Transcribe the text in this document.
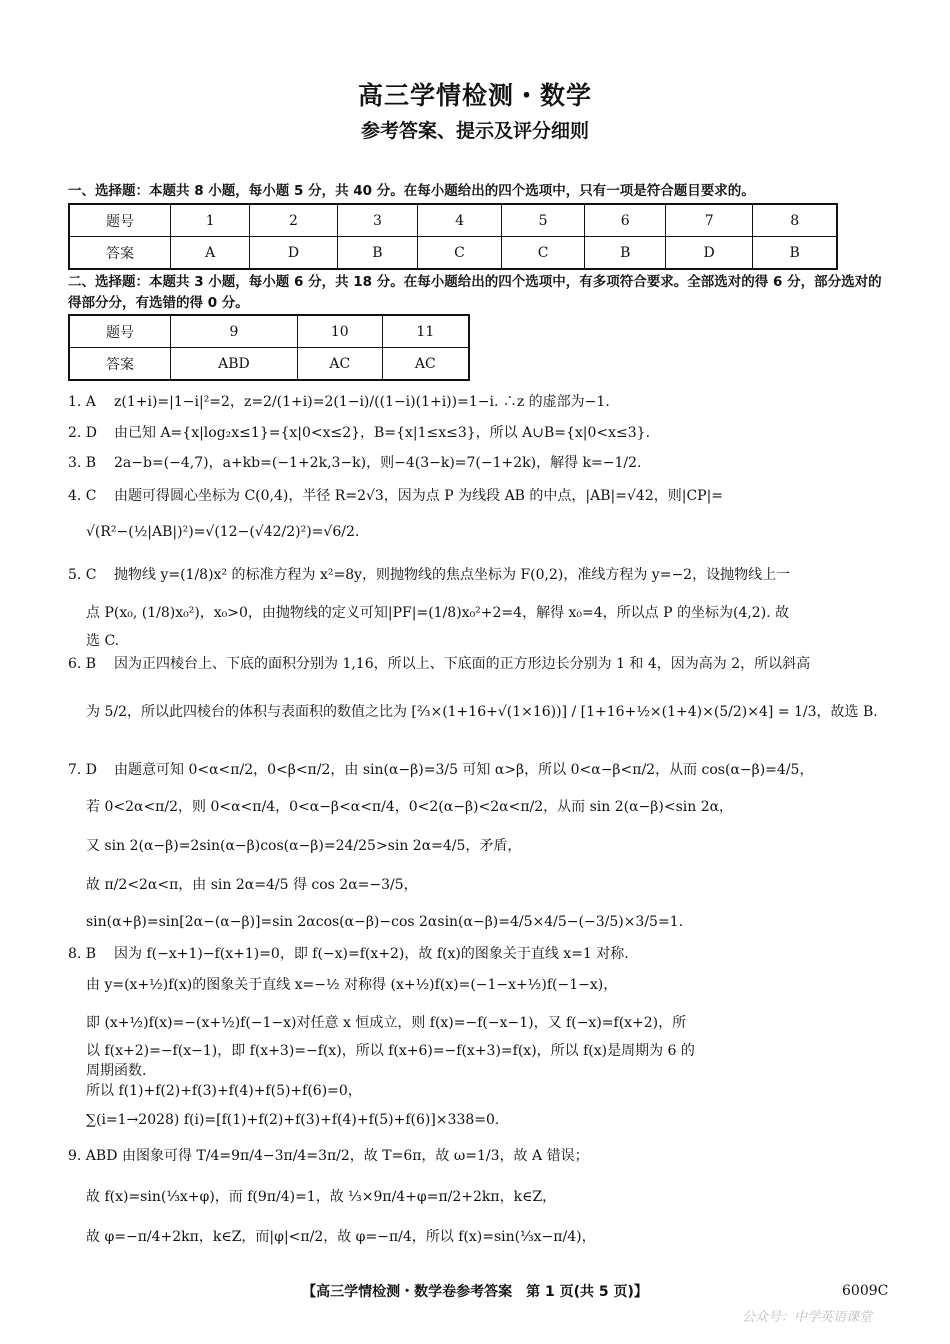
高三学情检测・数学
参考答案、提示及评分细则
一、选择题：本题共 8 小题，每小题 5 分，共 40 分。在每小题给出的四个选项中，只有一项是符合题目要求的。
题号	1	2	3	4	5	6	7	8
答案	A	D	B	C	C	B	D	B
二、选择题：本题共 3 小题，每小题 6 分，共 18 分。在每小题给出的四个选项中，有多项符合要求。全部选对的得 6 分，部分选对的得部分分，有选错的得 0 分。
题号	9	10	11
答案	ABD	AC	AC
1. A z(1+i)=|1−i|²=2，z=2/(1+i)=2(1−i)/((1−i)(1+i))=1−i. ∴z 的虚部为−1.
2. D 由已知 A={x|log₂x≤1}={x|0<x≤2}，B={x|1≤x≤3}，所以 A∪B={x|0<x≤3}.
3. B 2a−b=(−4,7)，a+kb=(−1+2k,3−k)，则−4(3−k)=7(−1+2k)，解得 k=−1/2.
4. C 由题可得圆心坐标为 C(0,4)，半径 R=2√3，因为点 P 为线段 AB 的中点，|AB|=√42，则|CP|=
√(R²−(½|AB|)²)=√(12−(√42/2)²)=√6/2.
5. C 抛物线 y=(1/8)x² 的标准方程为 x²=8y，则抛物线的焦点坐标为 F(0,2)，准线方程为 y=−2，设抛物线上一
点 P(x₀, (1/8)x₀²)，x₀>0，由抛物线的定义可知|PF|=(1/8)x₀²+2=4，解得 x₀=4，所以点 P 的坐标为(4,2). 故
选 C.
6. B 因为正四棱台上、下底的面积分别为 1,16，所以上、下底面的正方形边长分别为 1 和 4，因为高为 2，所以斜高
为 5/2，所以此四棱台的体积与表面积的数值之比为 [⅔×(1+16+√(1×16))] / [1+16+½×(1+4)×(5/2)×4] = 1/3，故选 B.
7. D 由题意可知 0<α<π/2，0<β<π/2，由 sin(α−β)=3/5 可知 α>β，所以 0<α−β<π/2，从而 cos(α−β)=4/5，
若 0<2α<π/2，则 0<α<π/4，0<α−β<α<π/4，0<2(α−β)<2α<π/2，从而 sin 2(α−β)<sin 2α，
又 sin 2(α−β)=2sin(α−β)cos(α−β)=24/25>sin 2α=4/5，矛盾，
故 π/2<2α<π，由 sin 2α=4/5 得 cos 2α=−3/5，
sin(α+β)=sin[2α−(α−β)]=sin 2αcos(α−β)−cos 2αsin(α−β)=4/5×4/5−(−3/5)×3/5=1.
8. B 因为 f(−x+1)−f(x+1)=0，即 f(−x)=f(x+2)，故 f(x)的图象关于直线 x=1 对称.
由 y=(x+½)f(x)的图象关于直线 x=−½ 对称得 (x+½)f(x)=(−1−x+½)f(−1−x)，
即 (x+½)f(x)=−(x+½)f(−1−x)对任意 x 恒成立，则 f(x)=−f(−x−1)，又 f(−x)=f(x+2)，所
以 f(x+2)=−f(x−1)，即 f(x+3)=−f(x)，所以 f(x+6)=−f(x+3)=f(x)，所以 f(x)是周期为 6 的
周期函数.
所以 f(1)+f(2)+f(3)+f(4)+f(5)+f(6)=0，
∑(i=1→2028) f(i)=[f(1)+f(2)+f(3)+f(4)+f(5)+f(6)]×338=0.
9. ABD 由图象可得 T/4=9π/4−3π/4=3π/2，故 T=6π，故 ω=1/3，故 A 错误；
故 f(x)=sin(⅓x+φ)，而 f(9π/4)=1，故 ⅓×9π/4+φ=π/2+2kπ，k∈Z，
故 φ=−π/4+2kπ，k∈Z，而|φ|<π/2，故 φ=−π/4，所以 f(x)=sin(⅓x−π/4)，
【高三学情检测・数学卷参考答案　第 1 页(共 5 页)】	6009C
公众号：中学英语课堂
